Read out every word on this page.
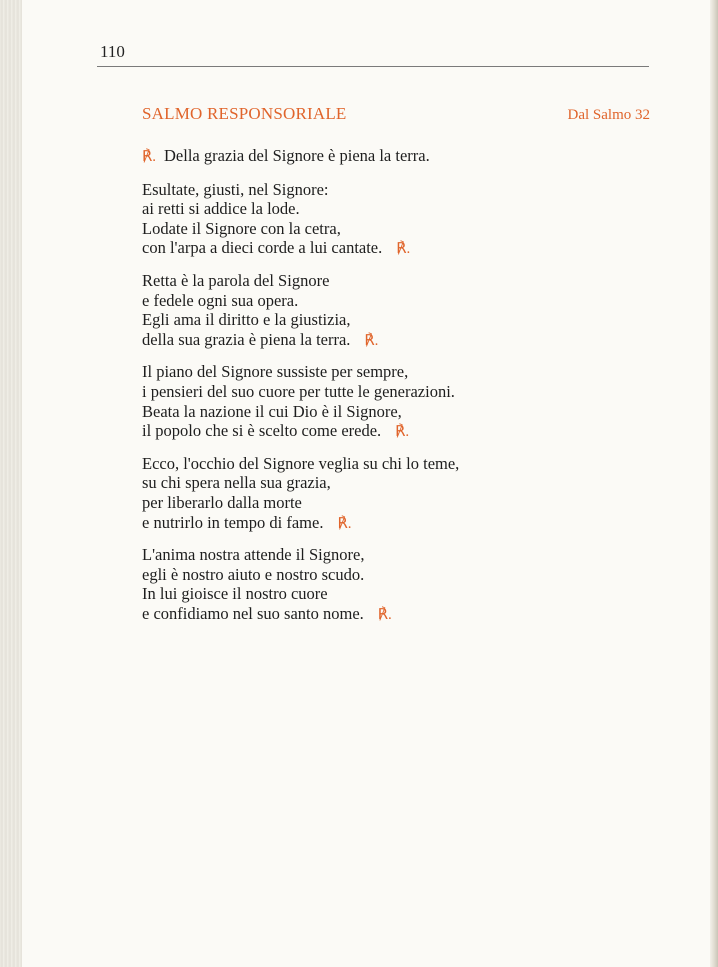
110
SALMO RESPONSORIALE	Dal Salmo 32
℟. Della grazia del Signore è piena la terra.
Esultate, giusti, nel Signore:
ai retti si addice la lode.
Lodate il Signore con la cetra,
con l'arpa a dieci corde a lui cantate. ℟.
Retta è la parola del Signore
e fedele ogni sua opera.
Egli ama il diritto e la giustizia,
della sua grazia è piena la terra. ℟.
Il piano del Signore sussiste per sempre,
i pensieri del suo cuore per tutte le generazioni.
Beata la nazione il cui Dio è il Signore,
il popolo che si è scelto come erede. ℟.
Ecco, l'occhio del Signore veglia su chi lo teme,
su chi spera nella sua grazia,
per liberarlo dalla morte
e nutrirlo in tempo di fame. ℟.
L'anima nostra attende il Signore,
egli è nostro aiuto e nostro scudo.
In lui gioisce il nostro cuore
e confidiamo nel suo santo nome. ℟.
